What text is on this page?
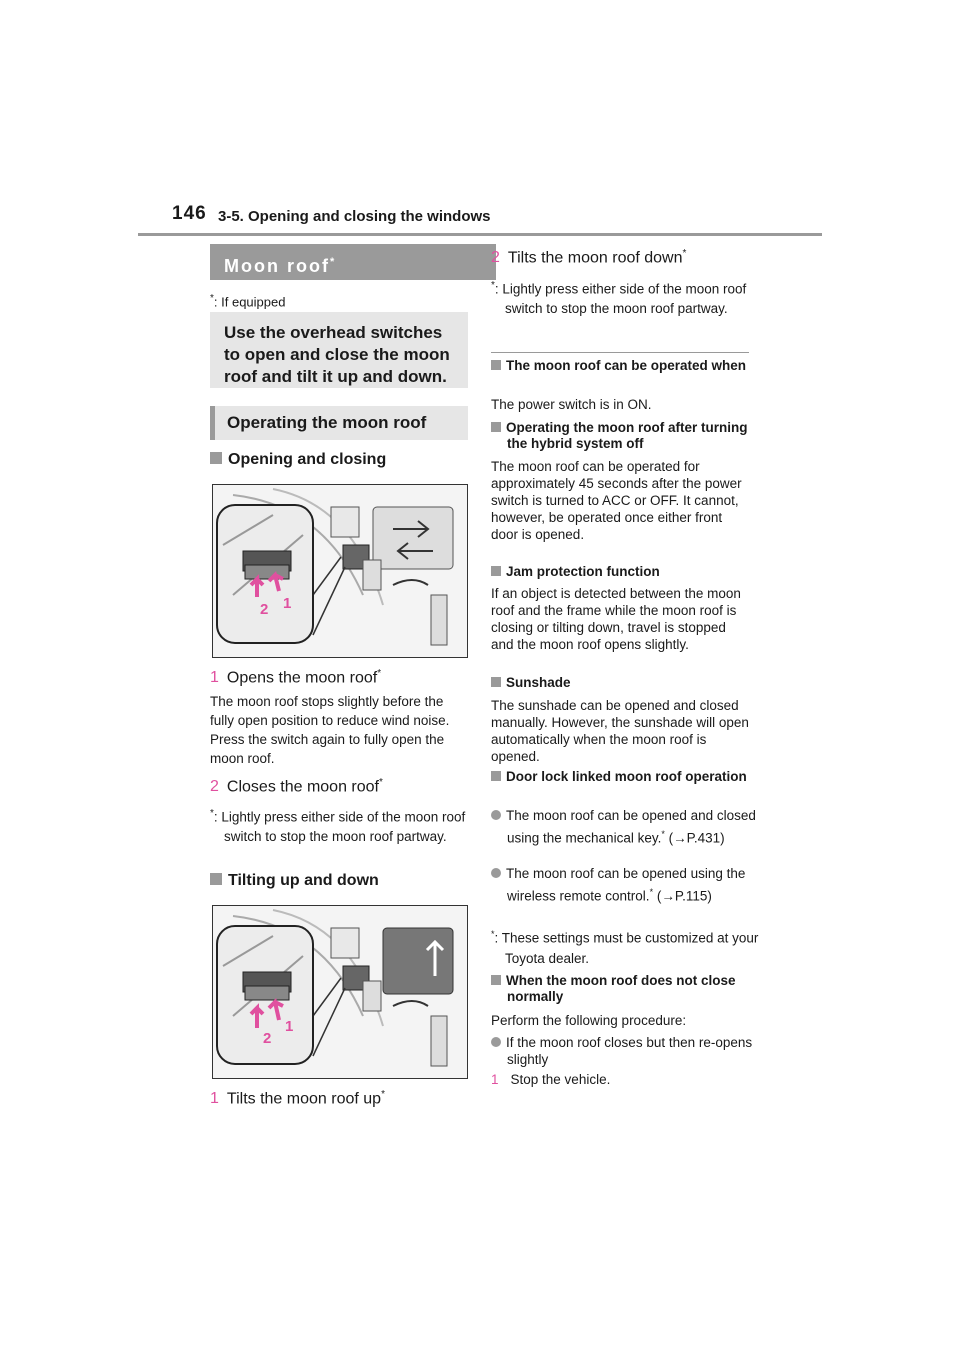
146 3-5. Opening and closing the windows
Moon roof*
*: If equipped
Use the overhead switches to open and close the moon roof and tilt it up and down.
Operating the moon roof
Opening and closing
2 1
1 Opens the moon roof*
The moon roof stops slightly before the fully open position to reduce wind noise. Press the switch again to fully open the moon roof.
2 Closes the moon roof*
*: Lightly press either side of the moon roof switch to stop the moon roof partway.
Tilting up and down
2
1
1 Tilts the moon roof up*
2 Tilts the moon roof down*
*: Lightly press either side of the moon roof switch to stop the moon roof partway.
The moon roof can be operated when
The power switch is in ON.
Operating the moon roof after turning the hybrid system off
The moon roof can be operated for approximately 45 seconds after the power switch is turned to ACC or OFF. It cannot, however, be operated once either front door is opened.
Jam protection function
If an object is detected between the moon roof and the frame while the moon roof is closing or tilting down, travel is stopped and the moon roof opens slightly.
Sunshade
The sunshade can be opened and closed manually. However, the sunshade will open automatically when the moon roof is opened.
Door lock linked moon roof operation
The moon roof can be opened and closed using the mechanical key.* (→P.431)
The moon roof can be opened using the wireless remote control.* (→P.115)
*: These settings must be customized at your Toyota dealer.
When the moon roof does not close normally
Perform the following procedure:
If the moon roof closes but then re-opens slightly
1 Stop the vehicle.
